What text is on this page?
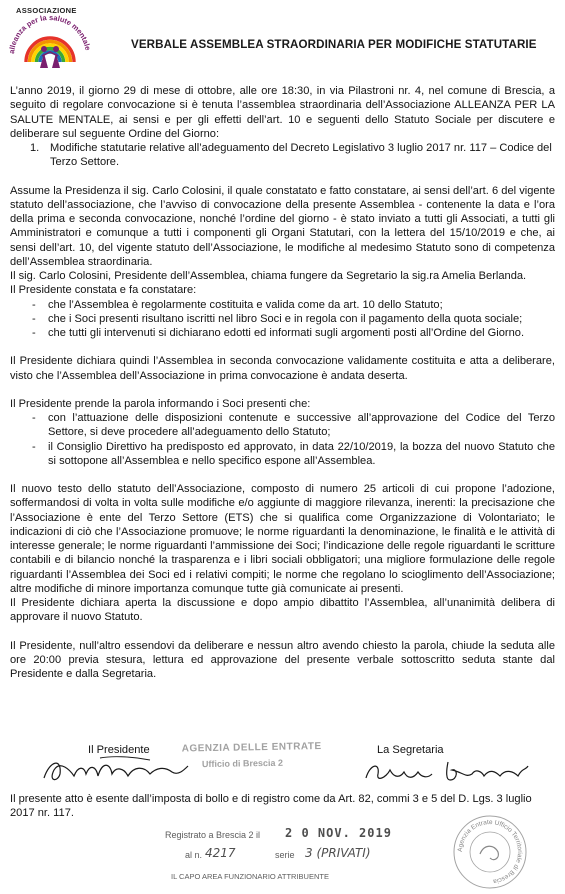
ASSOCIAZIONE
alleanza per la salute mentale	VERBALE ASSEMBLEA STRAORDINARIA PER MODIFICHE STATUTARIE

L’anno 2019, il giorno 29 di mese di ottobre, alle ore 18:30, in via Pilastroni nr. 4, nel comune di Brescia, a seguito di regolare convocazione si è tenuta l’assemblea straordinaria dell’Associazione ALLEANZA PER LA SALUTE MENTALE, ai sensi e per gli effetti dell’art. 10 e seguenti dello Statuto Sociale per discutere e deliberare sul seguente Ordine del Giorno:

1. Modifiche statutarie relative all’adeguamento del Decreto Legislativo 3 luglio 2017 nr. 117 – Codice del Terzo Settore.

Assume la Presidenza il sig. Carlo Colosini, il quale constatato e fatto constatare, ai sensi dell’art. 6 del vigente statuto dell’associazione, che l’avviso di convocazione della presente Assemblea - contenente la data e l’ora della prima e seconda convocazione, nonché l’ordine del giorno - è stato inviato a tutti gli Associati, a tutti gli Amministratori e comunque a tutti i componenti gli Organi Statutari, con la lettera del 15/10/2019 e che, ai sensi dell’art. 10, del vigente statuto dell’Associazione, le modifiche al medesimo Statuto sono di competenza dell’Assemblea straordinaria.

Il sig. Carlo Colosini, Presidente dell’Assemblea, chiama fungere da Segretario la sig.ra Amelia Berlanda.

Il Presidente constata e fa constatare:

- che l’Assemblea è regolarmente costituita e valida come da art. 10 dello Statuto;
- che i Soci presenti risultano iscritti nel libro Soci e in regola con il pagamento della quota sociale;
- che tutti gli intervenuti si dichiarano edotti ed informati sugli argomenti posti all’Ordine del Giorno.

Il Presidente dichiara quindi l’Assemblea in seconda convocazione validamente costituita e atta a deliberare, visto che l’Assemblea dell’Associazione in prima convocazione è andata deserta.

Il Presidente prende la parola informando i Soci presenti che:

- con l’attuazione delle disposizioni contenute e successive all’approvazione del Codice del Terzo Settore, si deve procedere all’adeguamento dello Statuto;
- il Consiglio Direttivo ha predisposto ed approvato, in data 22/10/2019, la bozza del nuovo Statuto che si sottopone all’Assemblea e nello specifico espone all’Assemblea.

Il nuovo testo dello statuto dell’Associazione, composto di numero 25 articoli di cui propone l’adozione, soffermandosi di volta in volta sulle modifiche e/o aggiunte di maggiore rilevanza, inerenti: la precisazione che l’Associazione è ente del Terzo Settore (ETS) che si qualifica come Organizzazione di Volontariato; le indicazioni di ciò che l’Associazione promuove; le norme riguardanti la denominazione, le finalità e le attività di interesse generale; le norme riguardanti l’ammissione dei Soci; l’indicazione delle regole riguardanti le scritture contabili e di bilancio nonché la trasparenza e i libri sociali obbligatori; una migliore formulazione delle regole riguardanti l’Assemblea dei Soci ed i relativi compiti; le norme che regolano lo scioglimento dell’Associazione; altre modifiche di minore importanza comunque tutte già comunicate ai presenti.

Il Presidente dichiara aperta la discussione e dopo ampio dibattito l’Assemblea, all’unanimità delibera di approvare il nuovo Statuto.

Il Presidente, null’altro essendovi da deliberare e nessun altro avendo chiesto la parola, chiude la seduta alle ore 20:00 previa stesura, lettura ed approvazione del presente verbale sottoscritto seduta stante dal Presidente e dalla Segretaria.

AGENZIA DELLE ENTRATE
Ufficio di Brescia 2
Il Presidente	La Segretaria
Il presente atto è esente dall’imposta di bollo e di registro come da Art. 82, commi 3 e 5 del D. Lgs. 3 luglio 2017 nr. 117.
Registrato a Brescia 2 il 2 0 NOV. 2019
al n. 4217	serie 3 (PRIVATI)
IL CAPO AREA FUNZIONARIO ATTRIBUENTE
Agenzia Entrate Ufficio Territoriale di Brescia
